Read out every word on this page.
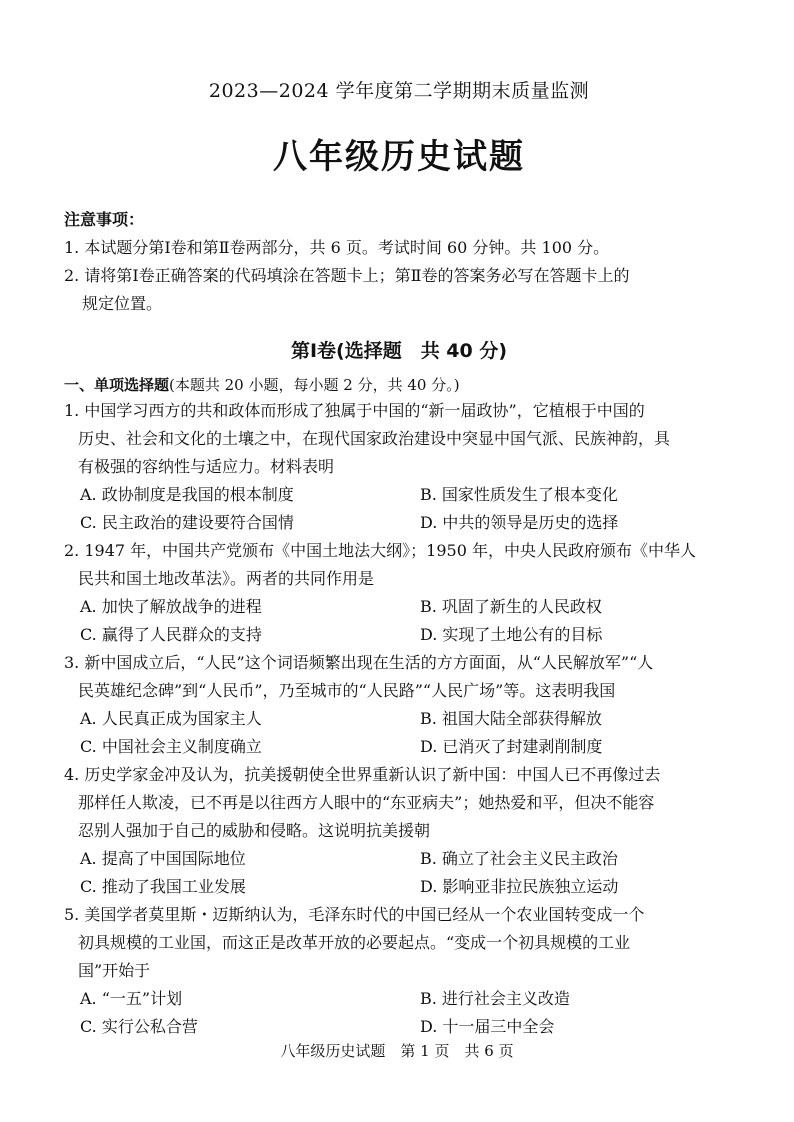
2023—2024 学年度第二学期期末质量监测
八年级历史试题
注意事项：
1. 本试题分第Ⅰ卷和第Ⅱ卷两部分，共 6 页。考试时间 60 分钟。共 100 分。
2. 请将第Ⅰ卷正确答案的代码填涂在答题卡上；第Ⅱ卷的答案务必写在答题卡上的
规定位置。
第Ⅰ卷(选择题　共 40 分)
一、单项选择题(本题共 20 小题，每小题 2 分，共 40 分。)
1. 中国学习西方的共和政体而形成了独属于中国的“新一届政协”，它植根于中国的
历史、社会和文化的土壤之中，在现代国家政治建设中突显中国气派、民族神韵，具
有极强的容纳性与适应力。材料表明
A. 政协制度是我国的根本制度	B. 国家性质发生了根本变化
C. 民主政治的建设要符合国情	D. 中共的领导是历史的选择
2. 1947 年，中国共产党颁布《中国土地法大纲》；1950 年，中央人民政府颁布《中华人
民共和国土地改革法》。两者的共同作用是
A. 加快了解放战争的进程	B. 巩固了新生的人民政权
C. 赢得了人民群众的支持	D. 实现了土地公有的目标
3. 新中国成立后，“人民”这个词语频繁出现在生活的方方面面，从“人民解放军”“人
民英雄纪念碑”到“人民币”，乃至城市的“人民路”“人民广场”等。这表明我国
A. 人民真正成为国家主人	B. 祖国大陆全部获得解放
C. 中国社会主义制度确立	D. 已消灭了封建剥削制度
4. 历史学家金冲及认为，抗美援朝使全世界重新认识了新中国：中国人已不再像过去
那样任人欺凌，已不再是以往西方人眼中的“东亚病夫”；她热爱和平，但决不能容
忍别人强加于自己的威胁和侵略。这说明抗美援朝
A. 提高了中国国际地位	B. 确立了社会主义民主政治
C. 推动了我国工业发展	D. 影响亚非拉民族独立运动
5. 美国学者莫里斯・迈斯纳认为，毛泽东时代的中国已经从一个农业国转变成一个
初具规模的工业国，而这正是改革开放的必要起点。“变成一个初具规模的工业
国”开始于
A. “一五”计划	B. 进行社会主义改造
C. 实行公私合营	D. 十一届三中全会
八年级历史试题　第 1 页　共 6 页
